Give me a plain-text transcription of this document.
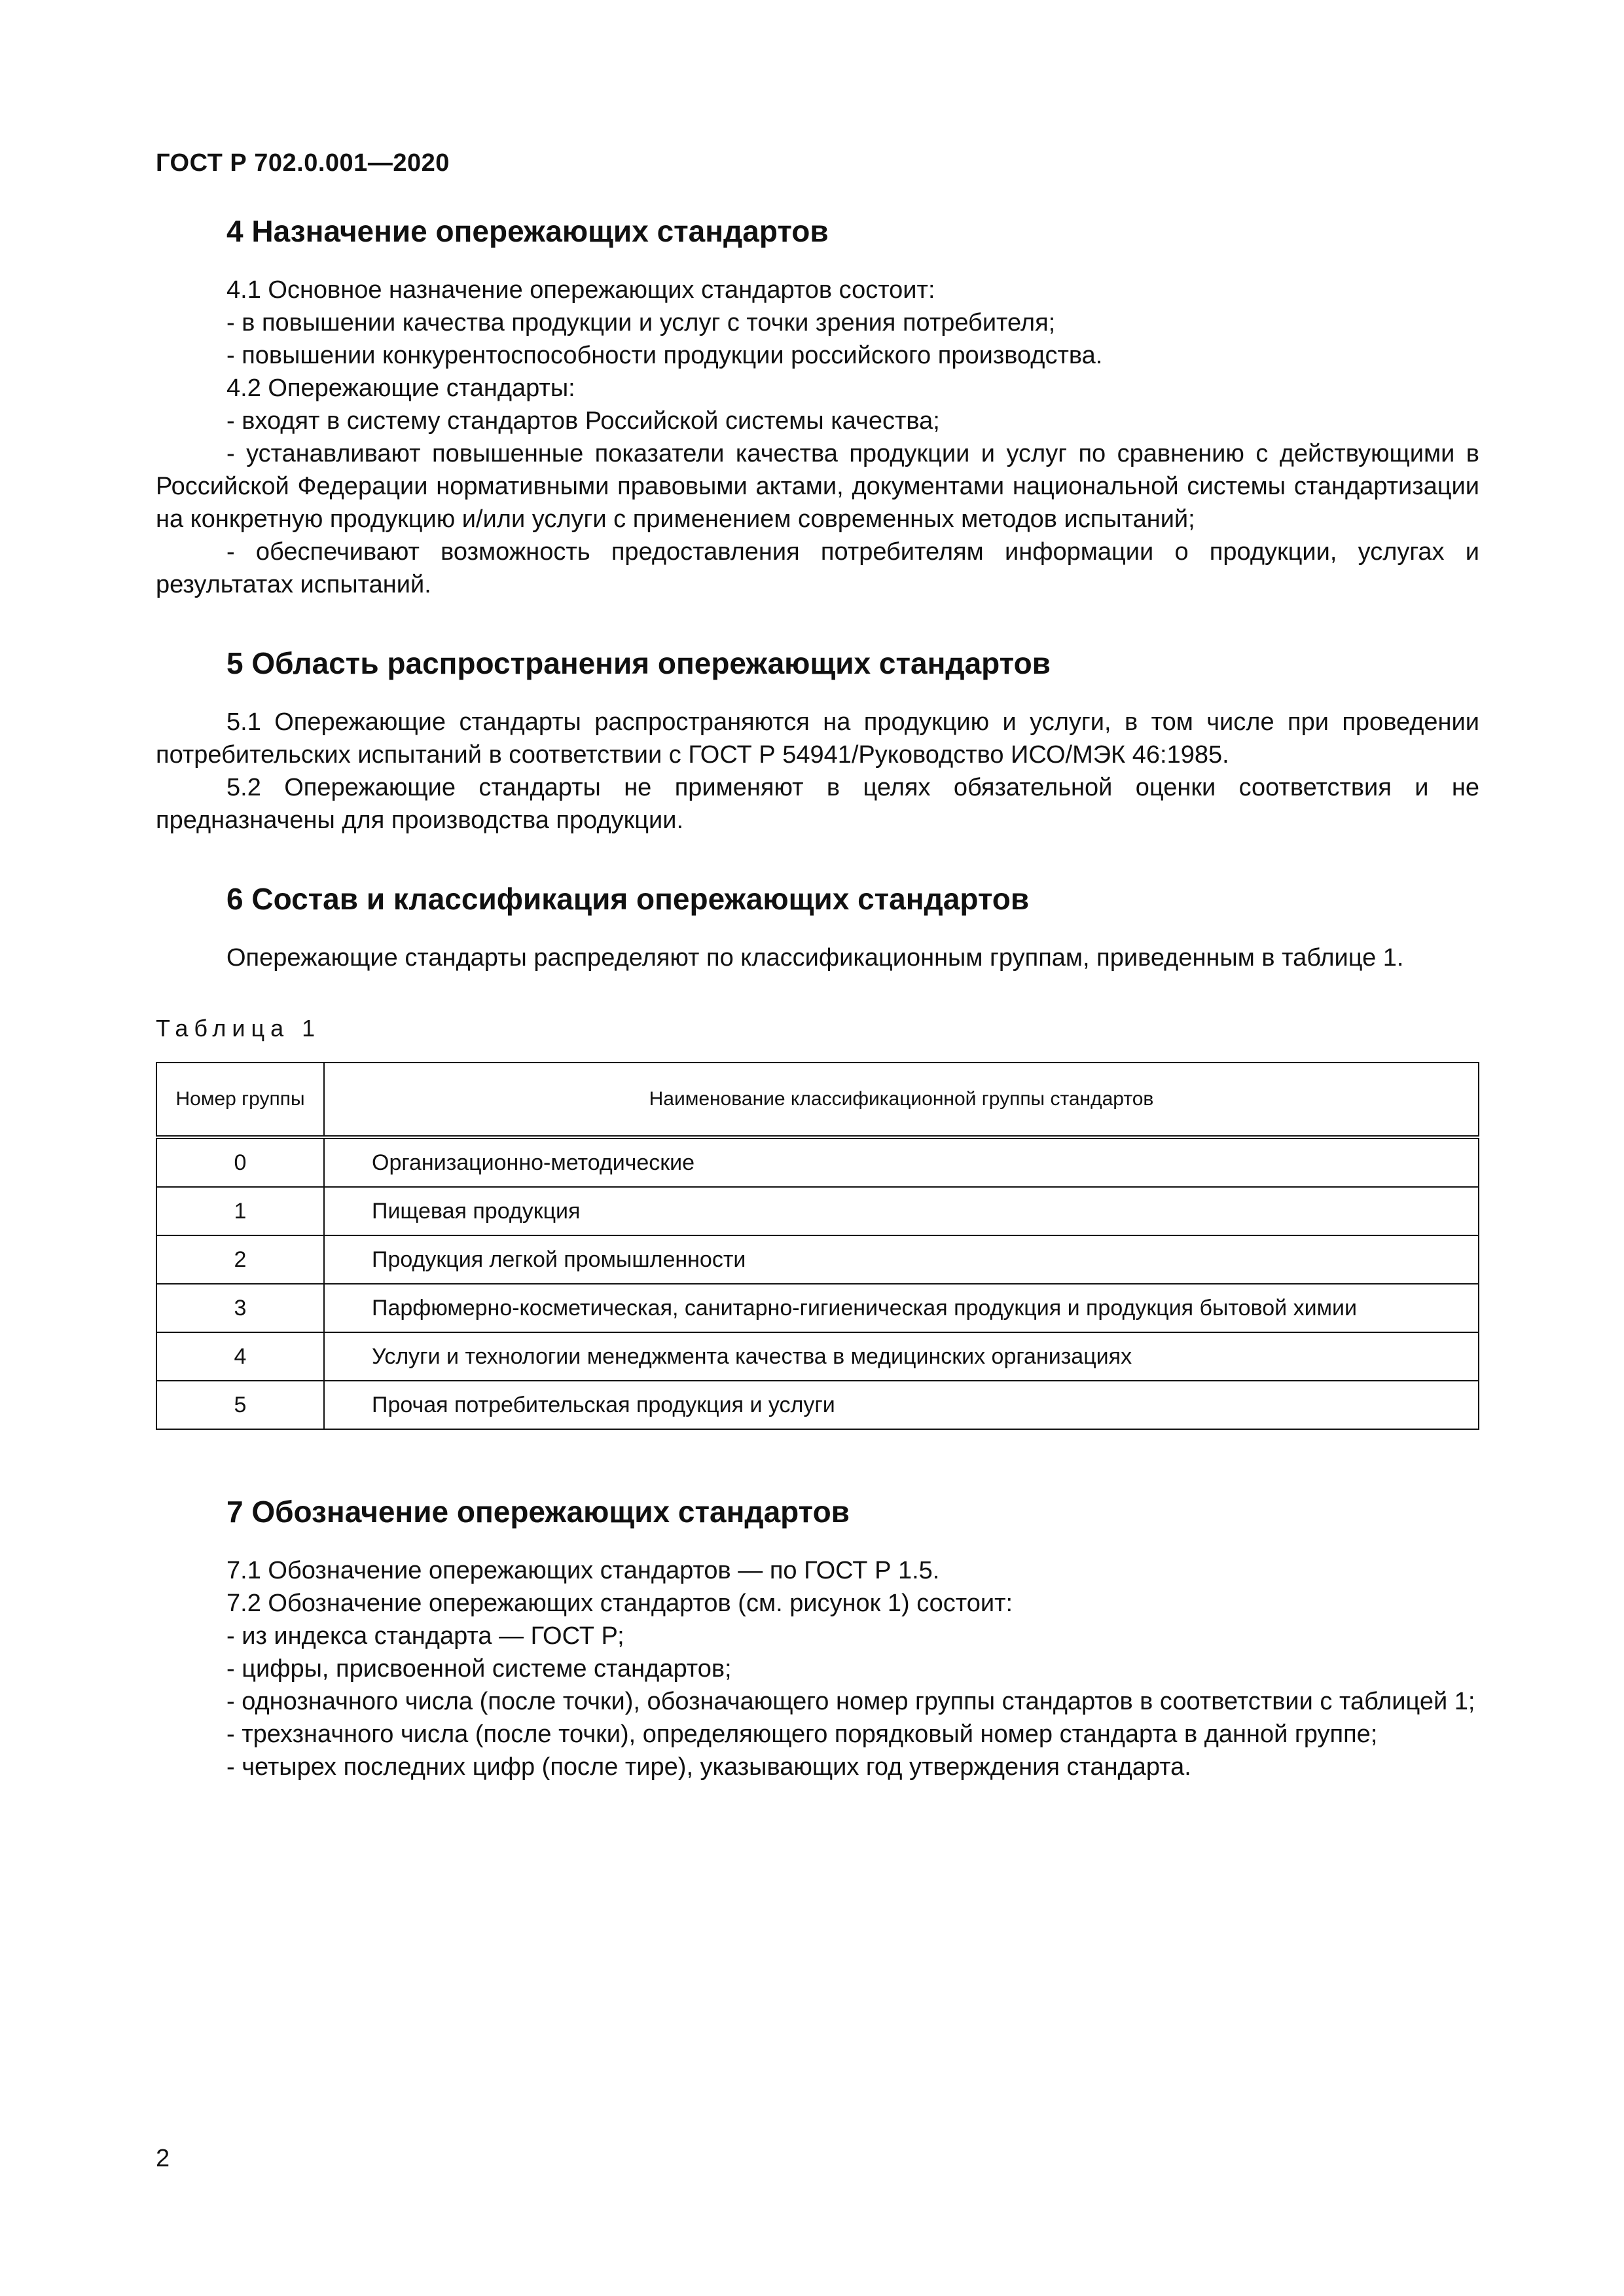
ГОСТ Р 702.0.001—2020
4 Назначение опережающих стандартов

4.1 Основное назначение опережающих стандартов состоит:

- в повышении качества продукции и услуг с точки зрения потребителя;

- повышении конкурентоспособности продукции российского производства.

4.2 Опережающие стандарты:

- входят в систему стандартов Российской системы качества;

- устанавливают повышенные показатели качества продукции и услуг по сравнению с действующими в Российской Федерации нормативными правовыми актами, документами национальной системы стандартизации на конкретную продукцию и/или услуги с применением современных методов испытаний;

- обеспечивают возможность предоставления потребителям информации о продукции, услугах и результатах испытаний.

5 Область распространения опережающих стандартов

5.1 Опережающие стандарты распространяются на продукцию и услуги, в том числе при проведении потребительских испытаний в соответствии с ГОСТ Р 54941/Руководство ИСО/МЭК 46:1985.

5.2 Опережающие стандарты не применяют в целях обязательной оценки соответствия и не предназначены для производства продукции.

6 Состав и классификация опережающих стандартов

Опережающие стандарты распределяют по классификационным группам, приведенным в таблице 1.

Таблица 1
Номер группы	Наименование классификационной группы стандартов
0	Организационно-методические
1	Пищевая продукция
2	Продукция легкой промышленности
3	Парфюмерно-косметическая, санитарно-гигиеническая продукция и продукция бытовой химии
4	Услуги и технологии менеджмента качества в медицинских организациях
5	Прочая потребительская продукция и услуги
7 Обозначение опережающих стандартов

7.1 Обозначение опережающих стандартов — по ГОСТ Р 1.5.

7.2 Обозначение опережающих стандартов (см. рисунок 1) состоит:

- из индекса стандарта — ГОСТ Р;

- цифры, присвоенной системе стандартов;

- однозначного числа (после точки), обозначающего номер группы стандартов в соответствии с таблицей 1;

- трехзначного числа (после точки), определяющего порядковый номер стандарта в данной группе;

- четырех последних цифр (после тире), указывающих год утверждения стандарта.

2
